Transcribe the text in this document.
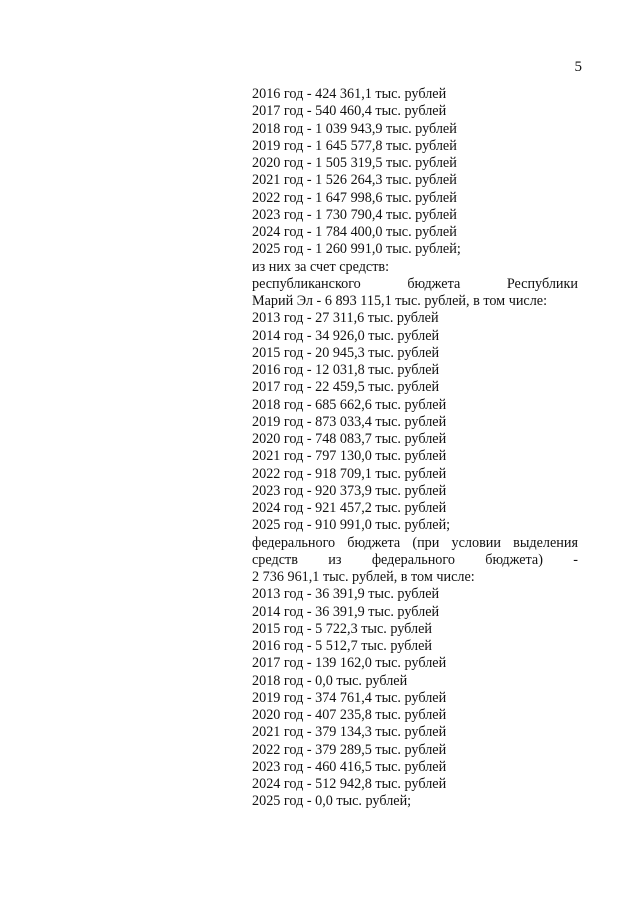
5
2016 год - 424 361,1 тыс. рублей
2017 год - 540 460,4 тыс. рублей
2018 год - 1 039 943,9 тыс. рублей
2019 год - 1 645 577,8 тыс. рублей
2020 год - 1 505 319,5 тыс. рублей
2021 год - 1 526 264,3 тыс. рублей
2022 год - 1 647 998,6 тыс. рублей
2023 год - 1 730 790,4 тыс. рублей
2024 год - 1 784 400,0 тыс. рублей
2025 год - 1 260 991,0 тыс. рублей;
из них за счет средств:
республиканского	бюджета	Республики
Марий Эл - 6 893 115,1 тыс. рублей, в том числе:
2013 год - 27 311,6 тыс. рублей
2014 год - 34 926,0 тыс. рублей
2015 год - 20 945,3 тыс. рублей
2016 год - 12 031,8 тыс. рублей
2017 год - 22 459,5 тыс. рублей
2018 год - 685 662,6 тыс. рублей
2019 год - 873 033,4 тыс. рублей
2020 год - 748 083,7 тыс. рублей
2021 год - 797 130,0 тыс. рублей
2022 год - 918 709,1 тыс. рублей
2023 год - 920 373,9 тыс. рублей
2024 год - 921 457,2 тыс. рублей
2025 год - 910 991,0 тыс. рублей;
федерального бюджета (при условии выделения
средств из федерального бюджета) -
2 736 961,1 тыс. рублей, в том числе:
2013 год - 36 391,9 тыс. рублей
2014 год - 36 391,9 тыс. рублей
2015 год - 5 722,3 тыс. рублей
2016 год - 5 512,7 тыс. рублей
2017 год - 139 162,0 тыс. рублей
2018 год - 0,0 тыс. рублей
2019 год - 374 761,4 тыс. рублей
2020 год - 407 235,8 тыс. рублей
2021 год - 379 134,3 тыс. рублей
2022 год - 379 289,5 тыс. рублей
2023 год - 460 416,5 тыс. рублей
2024 год - 512 942,8 тыс. рублей
2025 год - 0,0 тыс. рублей;
